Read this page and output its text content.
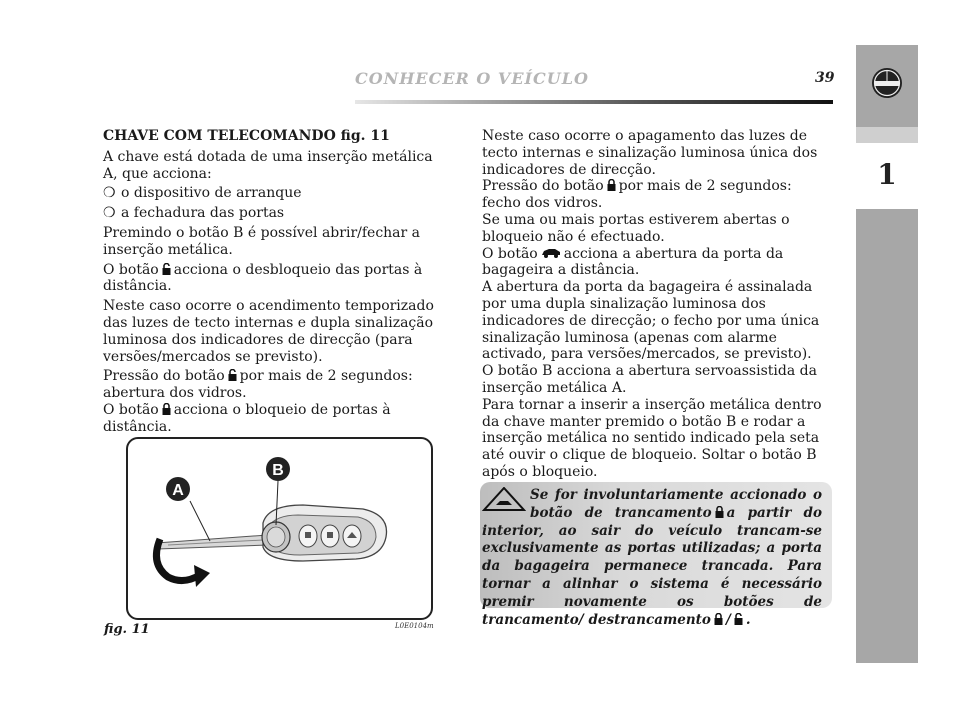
1
CONHECER O VEÍCULO	39

CHAVE COM TELECOMANDO fig. 11

A chave está dotada de uma inserção metálica A, que acciona:

❍ o dispositivo de arranque

❍ a fechadura das portas

Premindo o botão B é possível abrir/fechar a inserção metálica.

O botão acciona o desbloqueio das portas à distância.

Neste caso ocorre o acendimento temporizado das luzes de tecto internas e dupla sinalização luminosa dos indicadores de direcção (para versões/mercados se previsto).

Pressão do botão por mais de 2 segundos: abertura dos vidros.

O botão acciona o bloqueio de portas à distância.

Neste caso ocorre o apagamento das luzes de tecto internas e sinalização luminosa única dos indicadores de direcção.

Pressão do botão por mais de 2 segundos: fecho dos vidros.

Se uma ou mais portas estiverem abertas o bloqueio não é efectuado.

O botão acciona a abertura da porta da bagageira a distância.

A abertura da porta da bagageira é assinalada por uma dupla sinalização luminosa dos indicadores de direcção; o fecho por uma única sinalização luminosa (apenas com alarme activado, para versões/mercados, se previsto).

O botão B acciona a abertura servoassistida da inserção metálica A.

Para tornar a inserir a inserção metálica dentro da chave manter premido o botão B e rodar a inserção metálica no sentido indicado pela seta até ouvir o clique de bloqueio. Soltar o botão B após o bloqueio.

A
B
fig. 11	L0E0104m
Se for involuntariamente accionado o botão de trancamento a partir do interior, ao sair do veículo trancam-se exclusivamente as portas utilizadas; a porta da bagageira permanece trancada. Para tornar a alinhar o sistema é necessário premir novamente os botões de trancamento/ destrancamento / .
